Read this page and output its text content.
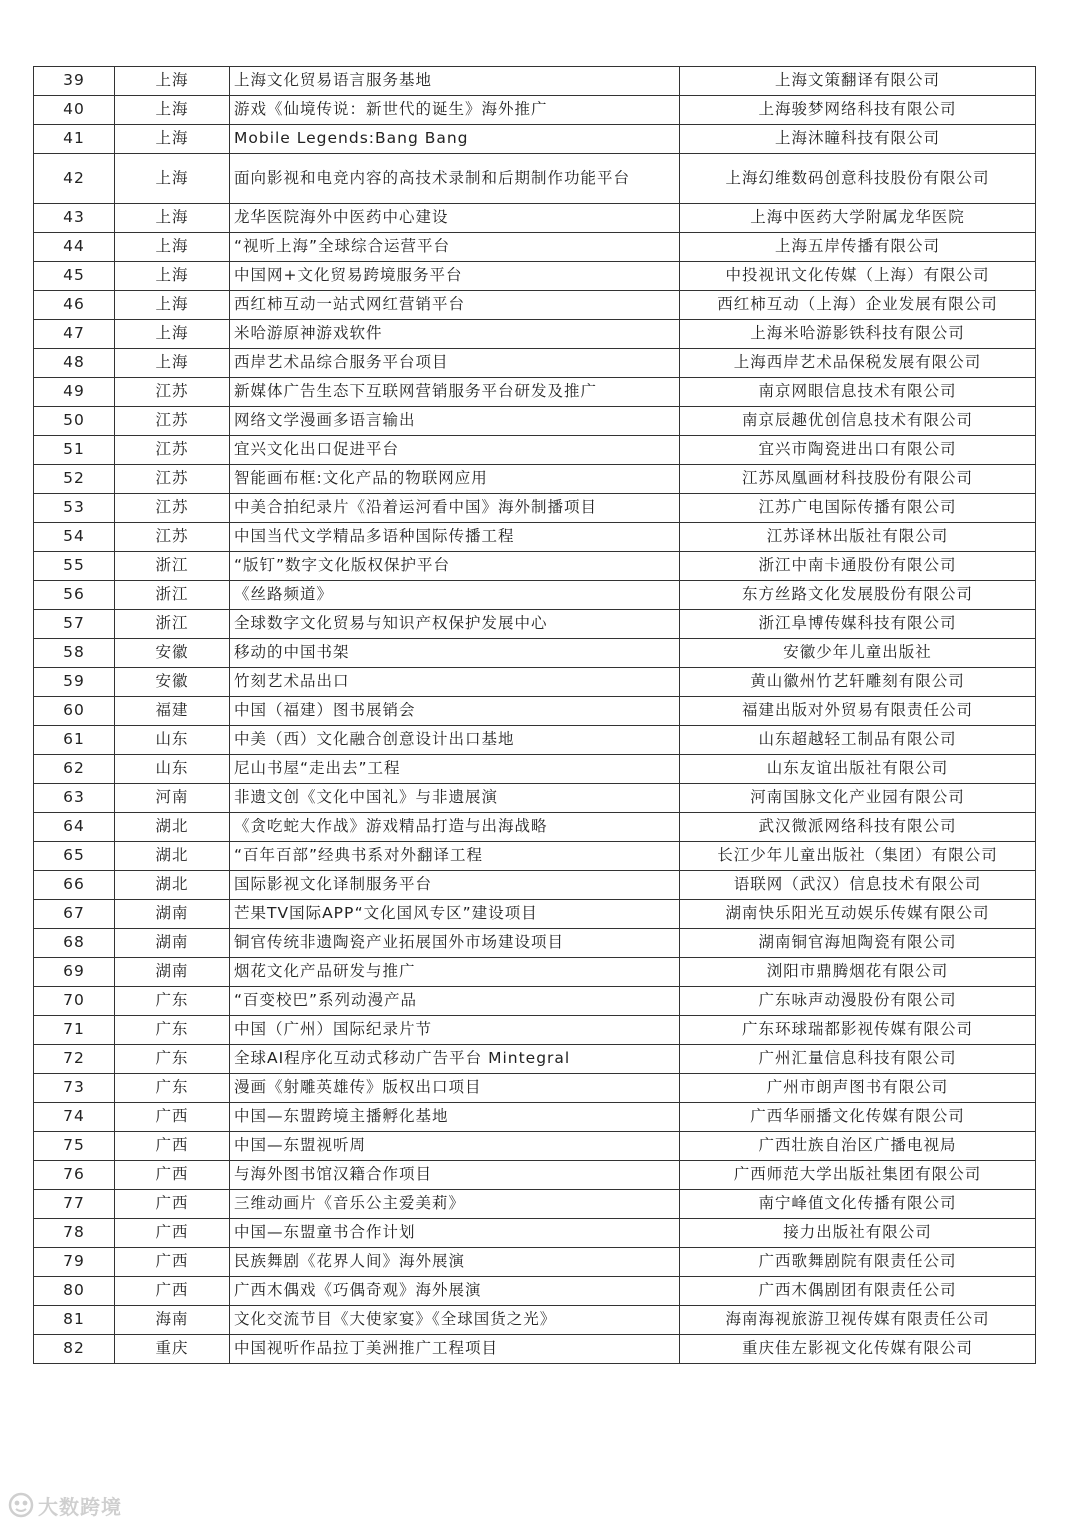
39	上海	上海文化贸易语言服务基地	上海文策翻译有限公司
40	上海	游戏《仙境传说：新世代的诞生》海外推广	上海骏梦网络科技有限公司
41	上海	Mobile Legends:Bang Bang	上海沐瞳科技有限公司
42	上海	面向影视和电竞内容的高技术录制和后期制作功能平台	上海幻维数码创意科技股份有限公司
43	上海	龙华医院海外中医药中心建设	上海中医药大学附属龙华医院
44	上海	“视听上海”全球综合运营平台	上海五岸传播有限公司
45	上海	中国网+文化贸易跨境服务平台	中投视讯文化传媒（上海）有限公司
46	上海	西红柿互动一站式网红营销平台	西红柿互动（上海）企业发展有限公司
47	上海	米哈游原神游戏软件	上海米哈游影铁科技有限公司
48	上海	西岸艺术品综合服务平台项目	上海西岸艺术品保税发展有限公司
49	江苏	新媒体广告生态下互联网营销服务平台研发及推广	南京网眼信息技术有限公司
50	江苏	网络文学漫画多语言输出	南京辰趣优创信息技术有限公司
51	江苏	宜兴文化出口促进平台	宜兴市陶瓷进出口有限公司
52	江苏	智能画布框:文化产品的物联网应用	江苏凤凰画材科技股份有限公司
53	江苏	中美合拍纪录片《沿着运河看中国》海外制播项目	江苏广电国际传播有限公司
54	江苏	中国当代文学精品多语种国际传播工程	江苏译林出版社有限公司
55	浙江	“版钉”数字文化版权保护平台	浙江中南卡通股份有限公司
56	浙江	《丝路频道》	东方丝路文化发展股份有限公司
57	浙江	全球数字文化贸易与知识产权保护发展中心	浙江阜博传媒科技有限公司
58	安徽	移动的中国书架	安徽少年儿童出版社
59	安徽	竹刻艺术品出口	黄山徽州竹艺轩雕刻有限公司
60	福建	中国（福建）图书展销会	福建出版对外贸易有限责任公司
61	山东	中美（西）文化融合创意设计出口基地	山东超越轻工制品有限公司
62	山东	尼山书屋“走出去”工程	山东友谊出版社有限公司
63	河南	非遗文创《文化中国礼》与非遗展演	河南国脉文化产业园有限公司
64	湖北	《贪吃蛇大作战》游戏精品打造与出海战略	武汉微派网络科技有限公司
65	湖北	“百年百部”经典书系对外翻译工程	长江少年儿童出版社（集团）有限公司
66	湖北	国际影视文化译制服务平台	语联网（武汉）信息技术有限公司
67	湖南	芒果TV国际APP“文化国风专区”建设项目	湖南快乐阳光互动娱乐传媒有限公司
68	湖南	铜官传统非遗陶瓷产业拓展国外市场建设项目	湖南铜官海旭陶瓷有限公司
69	湖南	烟花文化产品研发与推广	浏阳市鼎腾烟花有限公司
70	广东	“百变校巴”系列动漫产品	广东咏声动漫股份有限公司
71	广东	中国（广州）国际纪录片节	广东环球瑞都影视传媒有限公司
72	广东	全球AI程序化互动式移动广告平台 Mintegral	广州汇量信息科技有限公司
73	广东	漫画《射雕英雄传》版权出口项目	广州市朗声图书有限公司
74	广西	中国—东盟跨境主播孵化基地	广西华丽播文化传媒有限公司
75	广西	中国—东盟视听周	广西壮族自治区广播电视局
76	广西	与海外图书馆汉籍合作项目	广西师范大学出版社集团有限公司
77	广西	三维动画片《音乐公主爱美莉》	南宁峰值文化传播有限公司
78	广西	中国—东盟童书合作计划	接力出版社有限公司
79	广西	民族舞剧《花界人间》海外展演	广西歌舞剧院有限责任公司
80	广西	广西木偶戏《巧偶奇观》海外展演	广西木偶剧团有限责任公司
81	海南	文化交流节目《大使家宴》《全球国货之光》	海南海视旅游卫视传媒有限责任公司
82	重庆	中国视听作品拉丁美洲推广工程项目	重庆佳左影视文化传媒有限公司
大数跨境
